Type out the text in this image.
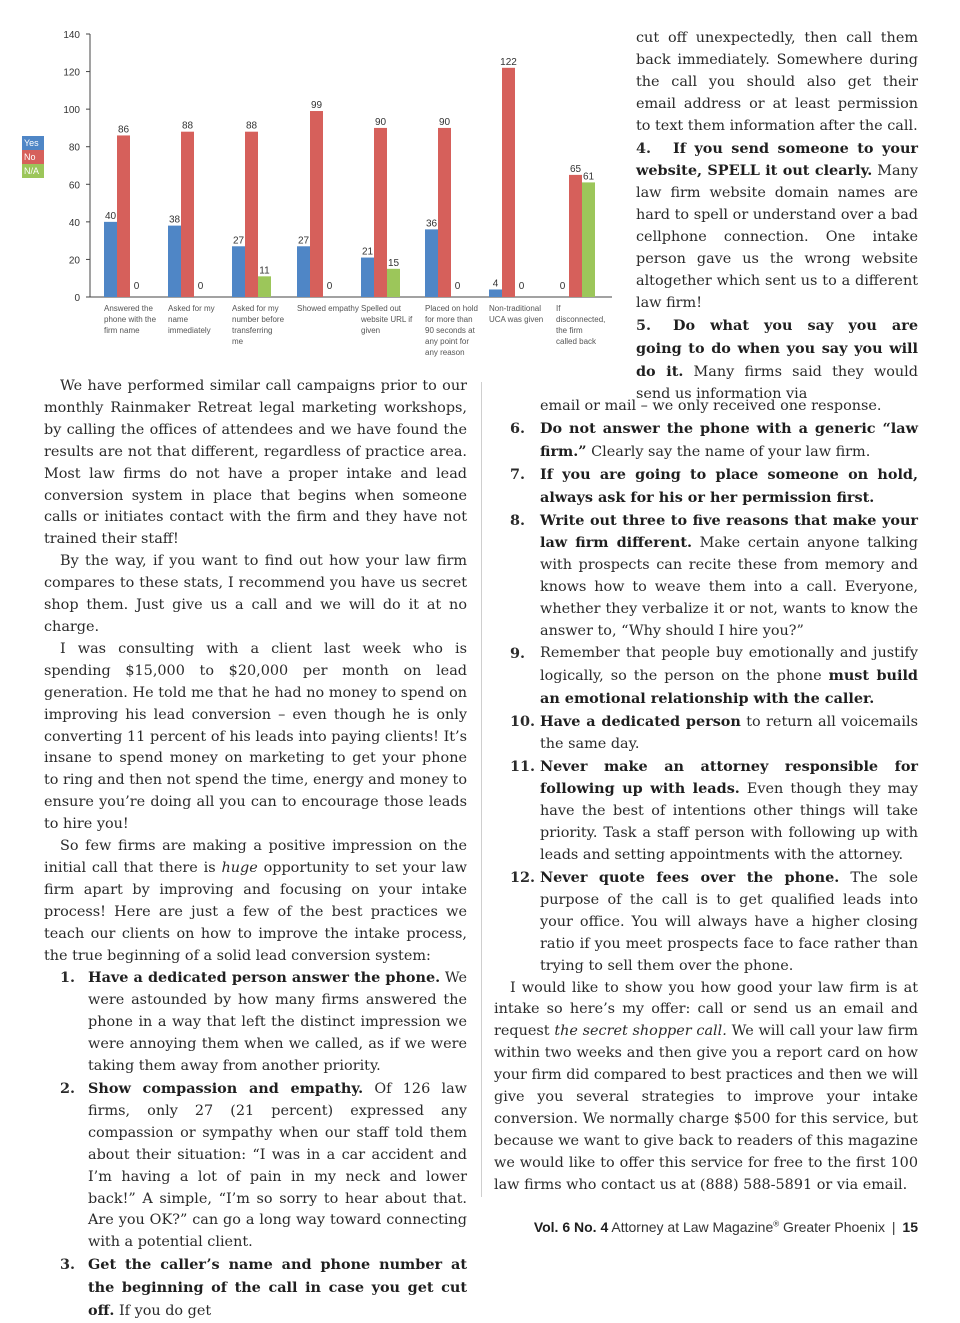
0
20
40
60
80
100
120
140
40
86
0
Answered the phone with the firm name
38
88
0
Asked for my name immediately
27
88
11
Asked for my number before transferring me
27
99
0
Showed empathy
21
90
15
Spelled out website URL if given
36
90
0
Placed on hold for more than 90 seconds at any point for any reason
4
122
0
Non-traditional UCA was given
0
65
61
If disconnected, the firm called back
Yes
No
N/A

cut off unexpectedly, then call them back immediately. Somewhere during the call you should also get their email address or at least permission to text them information after the call.

4. If you send someone to your website, SPELL it out clearly. Many law firm website domain names are hard to spell or understand over a bad cellphone connection. One intake person gave us the wrong website altogether which sent us to a different law firm!
5. Do what you say you are going to do when you say you will do it. Many firms said they would send us information via
email or mail – we only received one response.
6. Do not answer the phone with a generic “law firm.” Clearly say the name of your law firm.
7. If you are going to place someone on hold, always ask for his or her permission first.
8. Write out three to five reasons that make your law firm different. Make certain anyone talking with prospects can recite these from memory and knows how to weave them into a call. Everyone, whether they verbalize it or not, wants to know the answer to, “Why should I hire you?”
9. Remember that people buy emotionally and justify logically, so the person on the phone must build an emotional relationship with the caller.
10. Have a dedicated person to return all voicemails the same day.
11. Never make an attorney responsible for following up with leads. Even though they may have the best of intentions other things will take priority. Task a staff person with following up with leads and setting appointments with the attorney.
12. Never quote fees over the phone. The sole purpose of the call is to get qualified leads into your office. You will always have a higher closing ratio if you meet prospects face to face rather than trying to sell them over the phone.

I would like to show you how good your law firm is at intake so here’s my offer: call or send us an email and request the secret shopper call. We will call your law firm within two weeks and then give you a report card on how your firm did compared to best practices and then we will give you several strategies to improve your intake conversion. We normally charge $500 for this service, but because we want to give back to readers of this magazine we would like to offer this service for free to the first 100 law firms who contact us at (888) 588-5891 or via email.

We have performed similar call campaigns prior to our monthly Rainmaker Retreat legal marketing workshops, by calling the offices of attendees and we have found the results are not that different, regardless of practice area. Most law firms do not have a proper intake and lead conversion system in place that begins when someone calls or initiates contact with the firm and they have not trained their staff!

By the way, if you want to find out how your law firm compares to these stats, I recommend you have us secret shop them. Just give us a call and we will do it at no charge.

I was consulting with a client last week who is spending $15,000 to $20,000 per month on lead generation. He told me that he had no money to spend on improving his lead conversion – even though he is only converting 11 percent of his leads into paying clients! It’s insane to spend money on marketing to get your phone to ring and then not spend the time, energy and money to ensure you’re doing all you can to encourage those leads to hire you!

So few firms are making a positive impression on the initial call that there is huge opportunity to set your law firm apart by improving and focusing on your intake process! Here are just a few of the best practices we teach our clients on how to improve the intake process, the true beginning of a solid lead conversion system:

1. Have a dedicated person answer the phone. We were astounded by how many firms answered the phone in a way that left the distinct impression we were annoying them when we called, as if we were taking them away from another priority.
2. Show compassion and empathy. Of 126 law firms, only 27 (21 percent) expressed any compassion or sympathy when our staff told them about their situation: “I was in a car accident and I’m having a lot of pain in my neck and lower back!” A simple, “I’m so sorry to hear about that. Are you OK?” can go a long way toward connecting with a potential client.
3. Get the caller’s name and phone number at the beginning of the call in case you get cut off. If you do get
Vol. 6 No. 4 Attorney at Law Magazine® Greater Phoenix | 15
